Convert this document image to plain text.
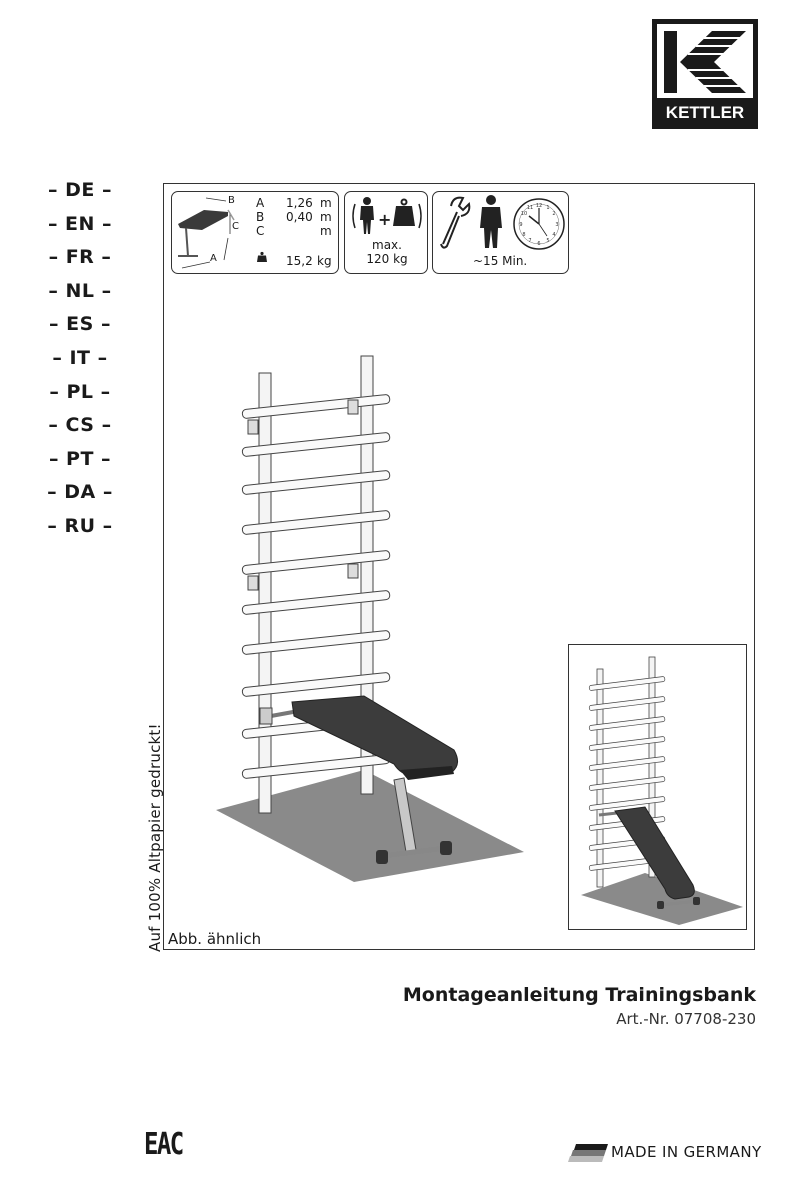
KETTLER
– DE –
– EN –
– FR –
– NL –
– ES –
– IT –
– PL –
– CS –
– PT –
– DA –
– RU –
B
C
A
A 1,26 m
B 0,40 m
C	m
15,2 kg
+
max.
120 kg
12 1
2
3
4
5
6
7
8
9
10
11
~15 Min.
Auf 100% Altpapier gedruckt! Abb. ähnlich
Montageanleitung Trainingsbank
Art.-Nr. 07708-230
EAC	MADE IN GERMANY
